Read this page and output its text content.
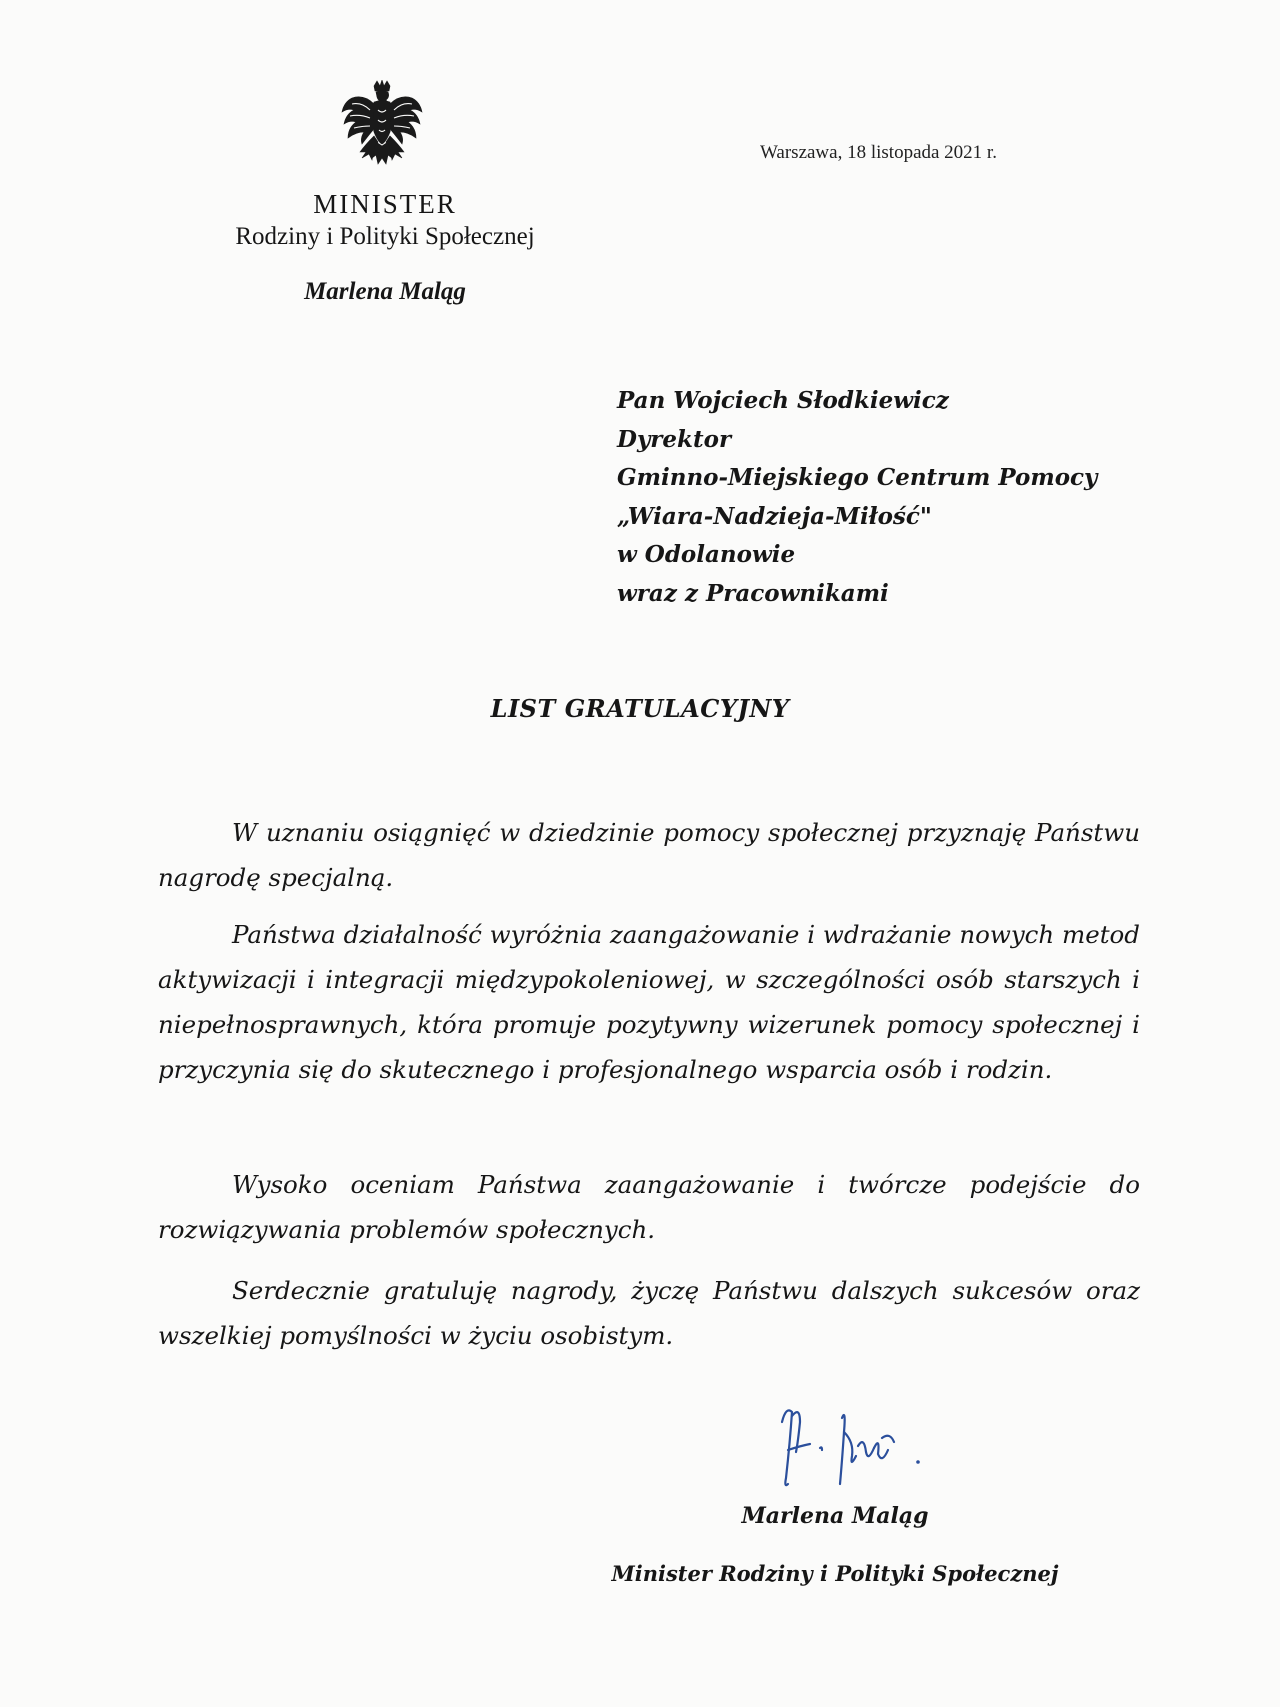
Warszawa, 18 listopada 2021 r.
MINISTER
Rodziny i Polityki Społecznej
Marlena Maląg
Pan Wojciech Słodkiewicz
Dyrektor
Gminno-Miejskiego Centrum Pomocy
„Wiara-Nadzieja-Miłość"
w Odolanowie
wraz z Pracownikami
LIST GRATULACYJNY
W uznaniu osiągnięć w dziedzinie pomocy społecznej przyznaję Państwu nagrodę specjalną.
Państwa działalność wyróżnia zaangażowanie i wdrażanie nowych metod aktywizacji i integracji międzypokoleniowej, w szczególności osób starszych i niepełnosprawnych, która promuje pozytywny wizerunek pomocy społecznej i przyczynia się do skutecznego i profesjonalnego wsparcia osób i rodzin.
Wysoko oceniam Państwa zaangażowanie i twórcze podejście do rozwiązywania problemów społecznych.
Serdecznie gratuluję nagrody, życzę Państwu dalszych sukcesów oraz wszelkiej pomyślności w życiu osobistym.
Marlena Maląg
Minister Rodziny i Polityki Społecznej
